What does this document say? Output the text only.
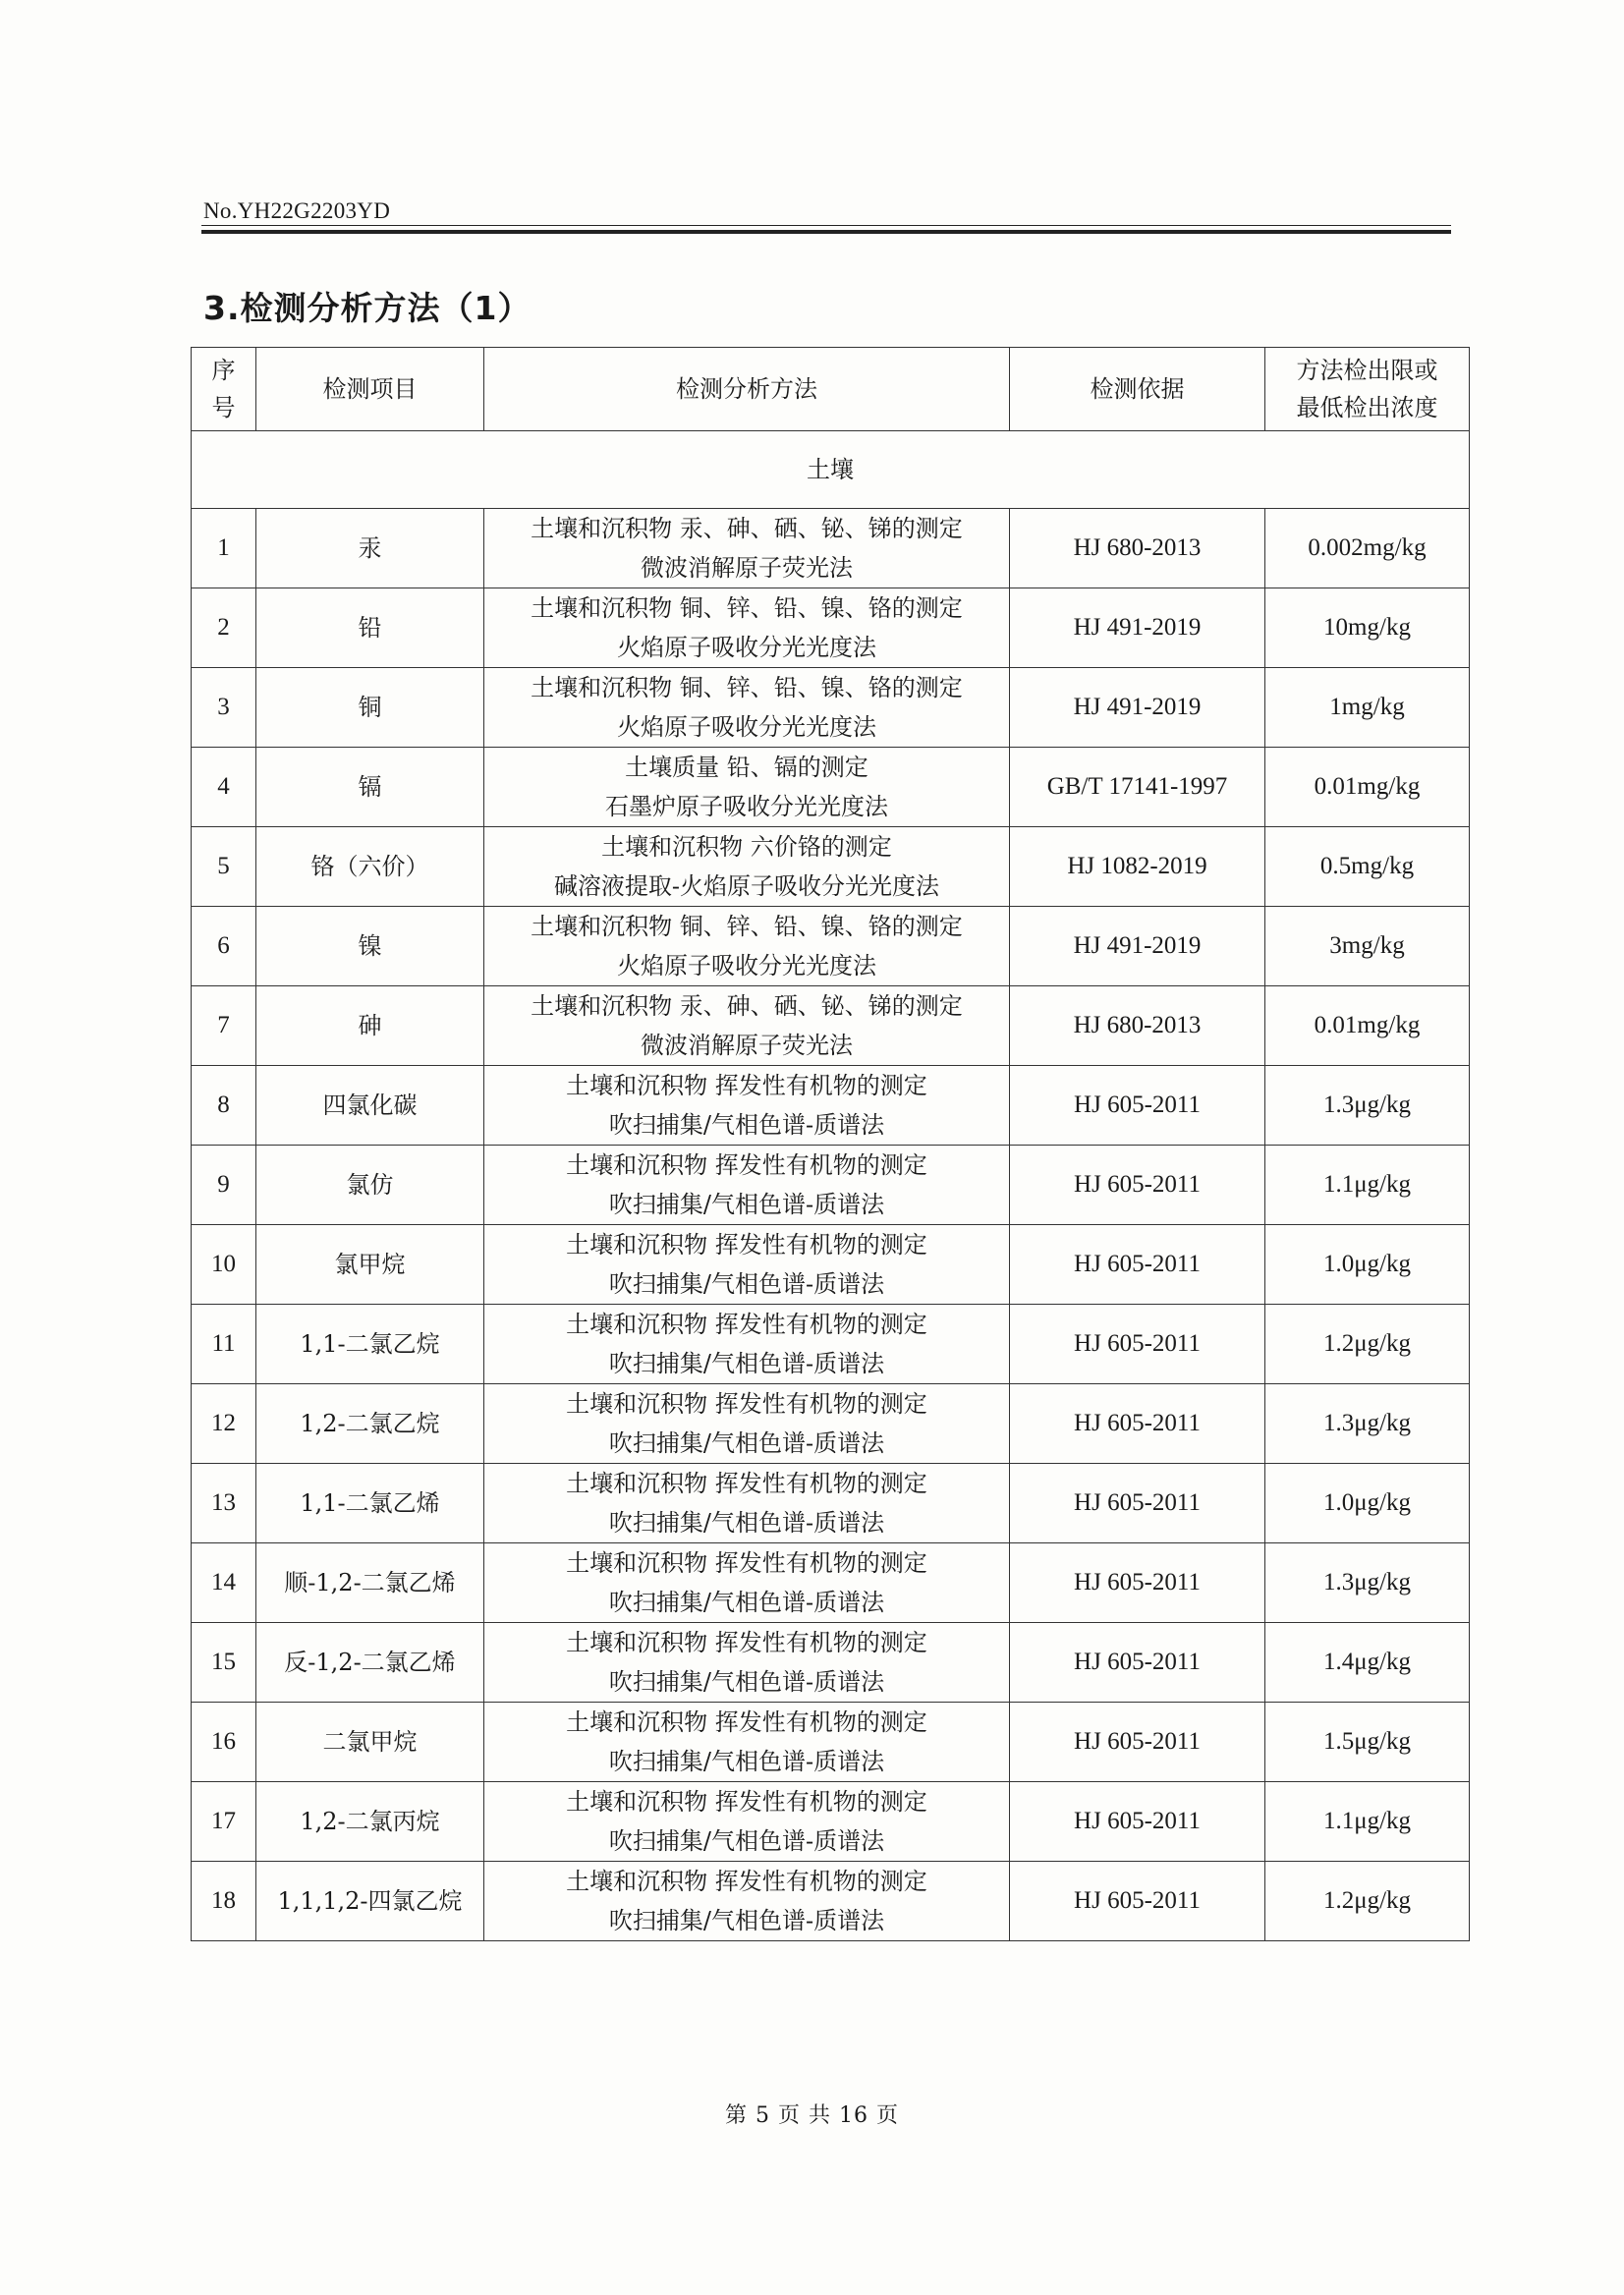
No.YH22G2203YD
3.检测分析方法（1）
序
号	检测项目	检测分析方法	检测依据	方法检出限或
最低检出浓度
土壤				
1	汞	土壤和沉积物 汞、砷、硒、铋、锑的测定
微波消解原子荧光法	HJ 680-2013	0.002mg/kg
2	铅	土壤和沉积物 铜、锌、铅、镍、铬的测定
火焰原子吸收分光光度法	HJ 491-2019	10mg/kg
3	铜	土壤和沉积物 铜、锌、铅、镍、铬的测定
火焰原子吸收分光光度法	HJ 491-2019	1mg/kg
4	镉	土壤质量 铅、镉的测定
石墨炉原子吸收分光光度法	GB/T 17141-1997	0.01mg/kg
5	铬（六价）	土壤和沉积物 六价铬的测定
碱溶液提取-火焰原子吸收分光光度法	HJ 1082-2019	0.5mg/kg
6	镍	土壤和沉积物 铜、锌、铅、镍、铬的测定
火焰原子吸收分光光度法	HJ 491-2019	3mg/kg
7	砷	土壤和沉积物 汞、砷、硒、铋、锑的测定
微波消解原子荧光法	HJ 680-2013	0.01mg/kg
8	四氯化碳	土壤和沉积物 挥发性有机物的测定
吹扫捕集/气相色谱-质谱法	HJ 605-2011	1.3μg/kg
9	氯仿	土壤和沉积物 挥发性有机物的测定
吹扫捕集/气相色谱-质谱法	HJ 605-2011	1.1μg/kg
10	氯甲烷	土壤和沉积物 挥发性有机物的测定
吹扫捕集/气相色谱-质谱法	HJ 605-2011	1.0μg/kg
11	1,1-二氯乙烷	土壤和沉积物 挥发性有机物的测定
吹扫捕集/气相色谱-质谱法	HJ 605-2011	1.2μg/kg
12	1,2-二氯乙烷	土壤和沉积物 挥发性有机物的测定
吹扫捕集/气相色谱-质谱法	HJ 605-2011	1.3μg/kg
13	1,1-二氯乙烯	土壤和沉积物 挥发性有机物的测定
吹扫捕集/气相色谱-质谱法	HJ 605-2011	1.0μg/kg
14	顺-1,2-二氯乙烯	土壤和沉积物 挥发性有机物的测定
吹扫捕集/气相色谱-质谱法	HJ 605-2011	1.3μg/kg
15	反-1,2-二氯乙烯	土壤和沉积物 挥发性有机物的测定
吹扫捕集/气相色谱-质谱法	HJ 605-2011	1.4μg/kg
16	二氯甲烷	土壤和沉积物 挥发性有机物的测定
吹扫捕集/气相色谱-质谱法	HJ 605-2011	1.5μg/kg
17	1,2-二氯丙烷	土壤和沉积物 挥发性有机物的测定
吹扫捕集/气相色谱-质谱法	HJ 605-2011	1.1μg/kg
18	1,1,1,2-四氯乙烷	土壤和沉积物 挥发性有机物的测定
吹扫捕集/气相色谱-质谱法	HJ 605-2011	1.2μg/kg
第 5 页 共 16 页
